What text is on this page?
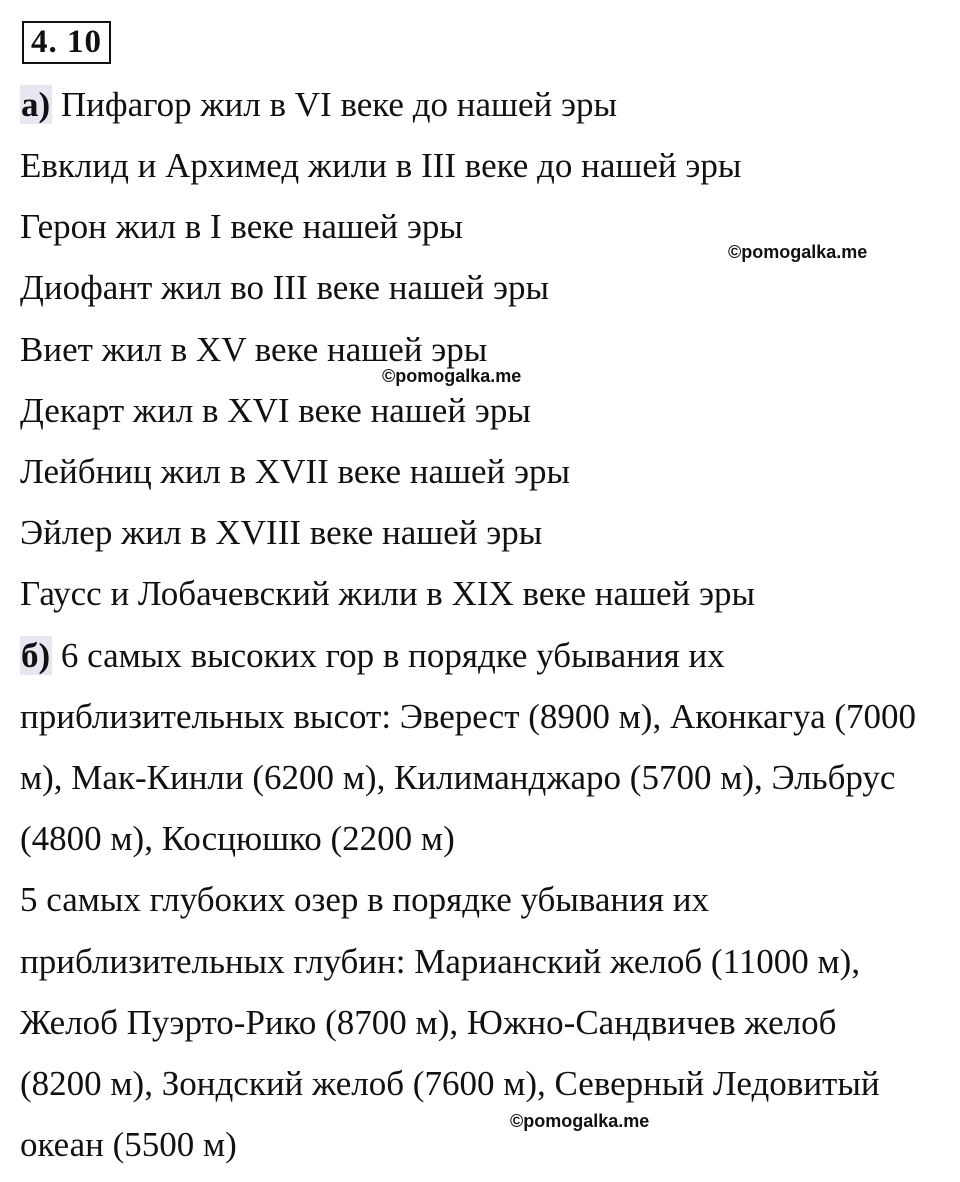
4. 10
а) Пифагор жил в VI веке до нашей эры
Евклид и Архимед жили в III веке до нашей эры
Герон жил в I веке нашей эры
Диофант жил во III веке нашей эры
Виет жил в XV веке нашей эры
Декарт жил в XVI веке нашей эры
Лейбниц жил в XVII веке нашей эры
Эйлер жил в XVIII веке нашей эры
Гаусс и Лобачевский жили в XIX веке нашей эры
б) 6 самых высоких гор в порядке убывания их
приблизительных высот: Эверест (8900 м), Аконкагуа (7000
м), Мак-Кинли (6200 м), Килиманджаро (5700 м), Эльбрус
(4800 м), Косцюшко (2200 м)
5 самых глубоких озер в порядке убывания их
приблизительных глубин: Марианский желоб (11000 м),
Желоб Пуэрто-Рико (8700 м), Южно-Сандвичев желоб
(8200 м), Зондский желоб (7600 м), Северный Ледовитый
океан (5500 м)
©pomogalka.me
©pomogalka.me
©pomogalka.me
